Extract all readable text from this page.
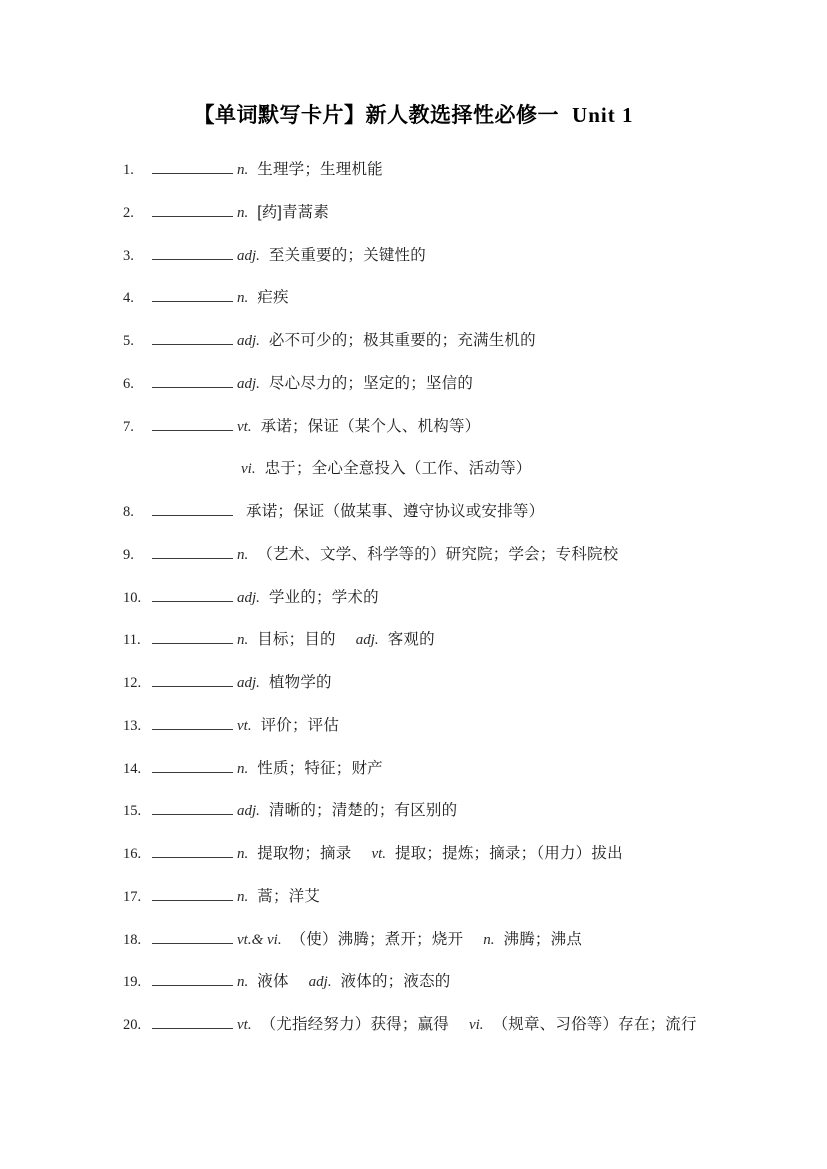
【单词默写卡片】新人教选择性必修一 Unit 1
1.	n. 生理学；生理机能
2.	n. [药]青蒿素
3.	adj. 至关重要的；关键性的
4.	n. 疟疾
5.	adj. 必不可少的；极其重要的；充满生机的
6.	adj. 尽心尽力的；坚定的；坚信的
7.	vt. 承诺；保证（某个人、机构等）
vi. 忠于；全心全意投入（工作、活动等）
8.	承诺；保证（做某事、遵守协议或安排等）
9.	n. （艺术、文学、科学等的）研究院；学会；专科院校
10.	adj. 学业的；学术的
11.	n. 目标；目的 adj. 客观的
12.	adj. 植物学的
13.	vt. 评价；评估
14.	n. 性质；特征；财产
15.	adj. 清晰的；清楚的；有区别的
16.	n. 提取物；摘录 vt. 提取；提炼；摘录；（用力）拔出
17.	n. 蒿；洋艾
18.	vt.& vi. （使）沸腾；煮开；烧开 n. 沸腾；沸点
19.	n. 液体 adj. 液体的；液态的
20.	vt. （尤指经努力）获得；赢得 vi. （规章、习俗等）存在；流行
